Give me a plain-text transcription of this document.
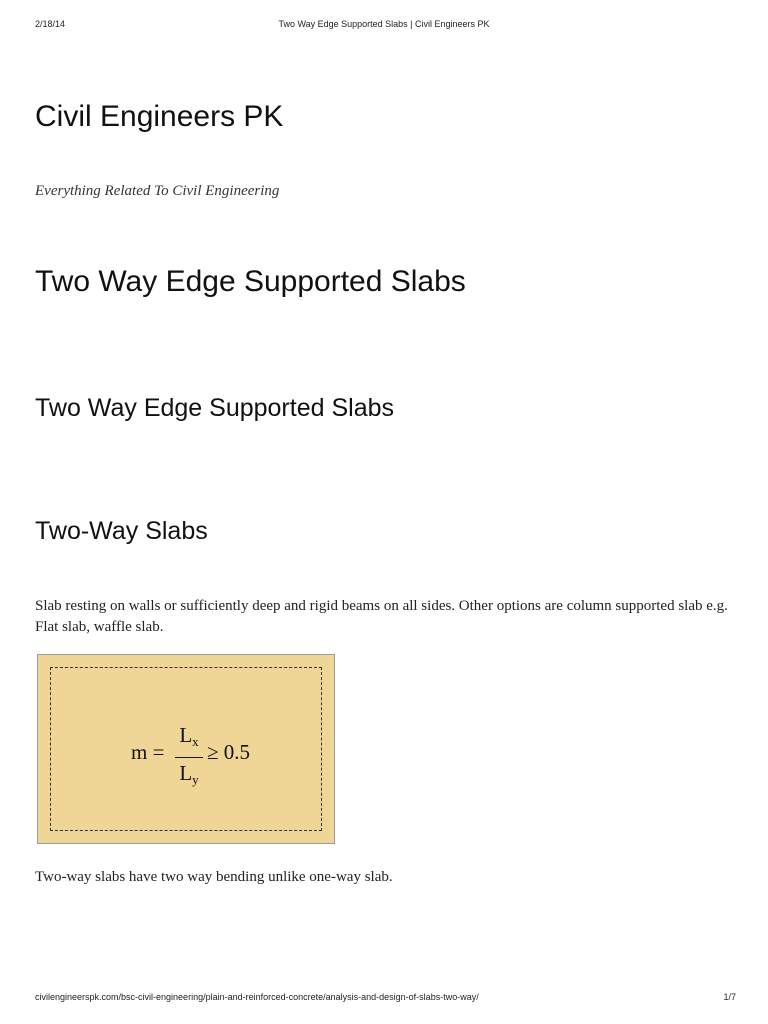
2/18/14	Two Way Edge Supported Slabs | Civil Engineers PK
Civil Engineers PK

Everything Related To Civil Engineering

Two Way Edge Supported Slabs
Two Way Edge Supported Slabs
Two-Way Slabs

Slab resting on walls or sufficiently deep and rigid beams on all sides. Other options are column supported slab e.g. Flat slab, waffle slab.

m =
$L_x$
$L_y$
≥ 0.5

Two-way slabs have two way bending unlike one-way slab.

civilengineerspk.com/bsc-civil-engineering/plain-and-reinforced-concrete/analysis-and-design-of-slabs-two-way/	1/7
